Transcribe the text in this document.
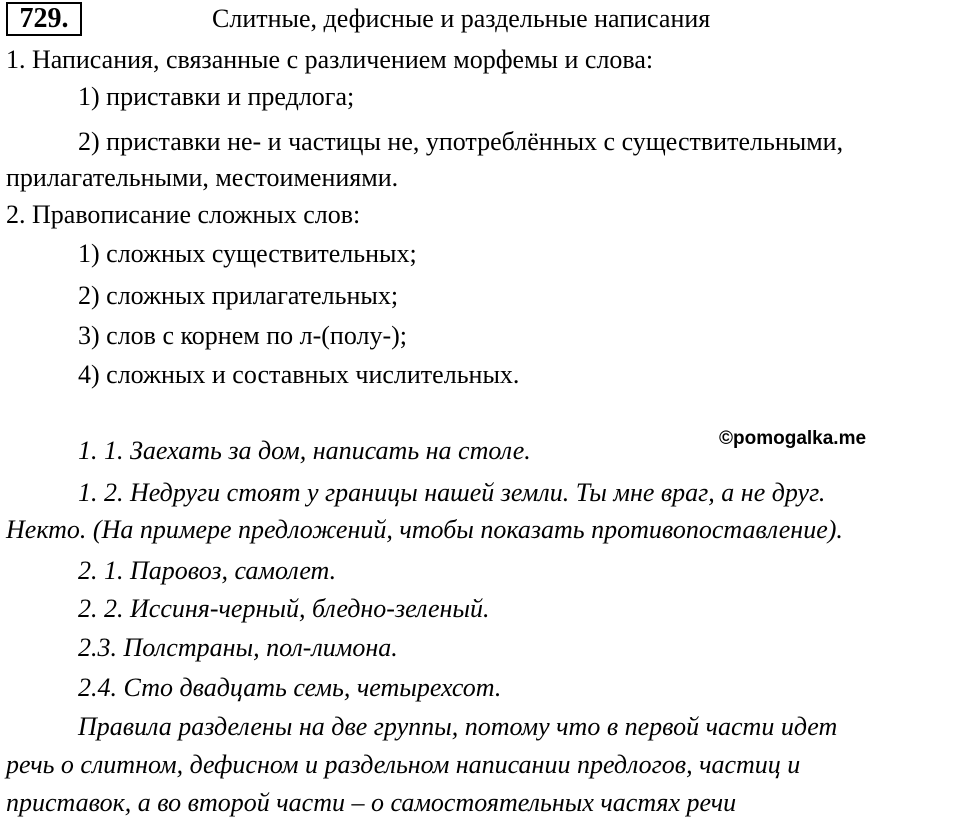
729.	Слитные, дефисные и раздельные написания
1. Написания, связанные с различением морфемы и слова:
1) приставки и предлога;
2) приставки не- и частицы не, употреблённых с существительными,
прилагательными, местоимениями.
2. Правописание сложных слов:
1) сложных существительных;
2) сложных прилагательных;
3) слов с корнем по л-(полу-);
4) сложных и составных числительных.
©pomogalka.me
1. 1. Заехать за дом, написать на столе.
1. 2. Недруги стоят у границы нашей земли. Ты мне враг, а не друг.
Некто. (На примере предложений, чтобы показать противопоставление).
2. 1. Паровоз, самолет.
2. 2. Иссиня-черный, бледно-зеленый.
2.3. Полстраны, пол-лимона.
2.4. Сто двадцать семь, четырехсот.
Правила разделены на две группы, потому что в первой части идет
речь о слитном, дефисном и раздельном написании предлогов, частиц и
приставок, а во второй части – о самостоятельных частях речи
